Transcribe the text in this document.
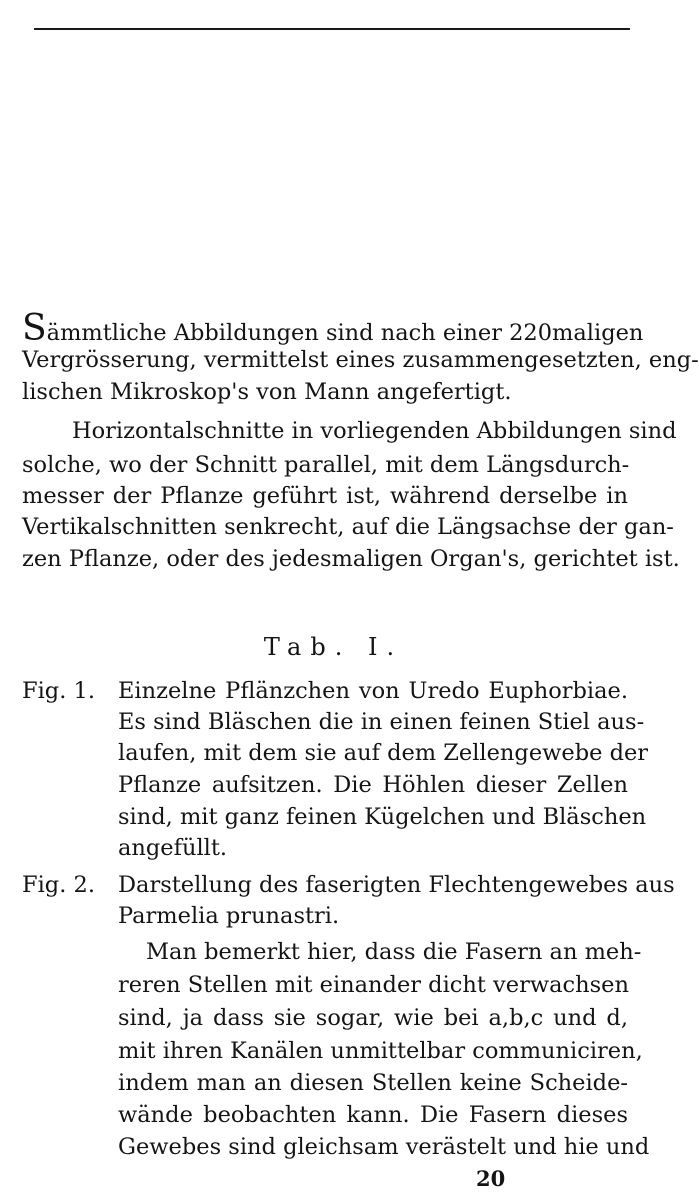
Sämmtliche Abbildungen sind nach einer 220maligen
Vergrösserung, vermittelst eines zusammengesetzten, eng-
lischen Mikroskop's von Mann angefertigt.
Horizontalschnitte in vorliegenden Abbildungen sind
solche, wo der Schnitt parallel, mit dem Längsdurch-
messer der Pflanze geführt ist, während derselbe in
Vertikalschnitten senkrecht, auf die Längsachse der gan-
zen Pflanze, oder des jedesmaligen Organ's, gerichtet ist.
Tab. I.
Fig. 1. Einzelne Pflänzchen von Uredo Euphorbiae.
Es sind Bläschen die in einen feinen Stiel aus-
laufen, mit dem sie auf dem Zellengewebe der
Pflanze aufsitzen. Die Höhlen dieser Zellen
sind, mit ganz feinen Kügelchen und Bläschen
angefüllt.
Fig. 2. Darstellung des faserigten Flechtengewebes aus
Parmelia prunastri.
Man bemerkt hier, dass die Fasern an meh-
reren Stellen mit einander dicht verwachsen
sind, ja dass sie sogar, wie bei a,b,c und d,
mit ihren Kanälen unmittelbar communiciren,
indem man an diesen Stellen keine Scheide-
wände beobachten kann. Die Fasern dieses
Gewebes sind gleichsam verästelt und hie und
20
